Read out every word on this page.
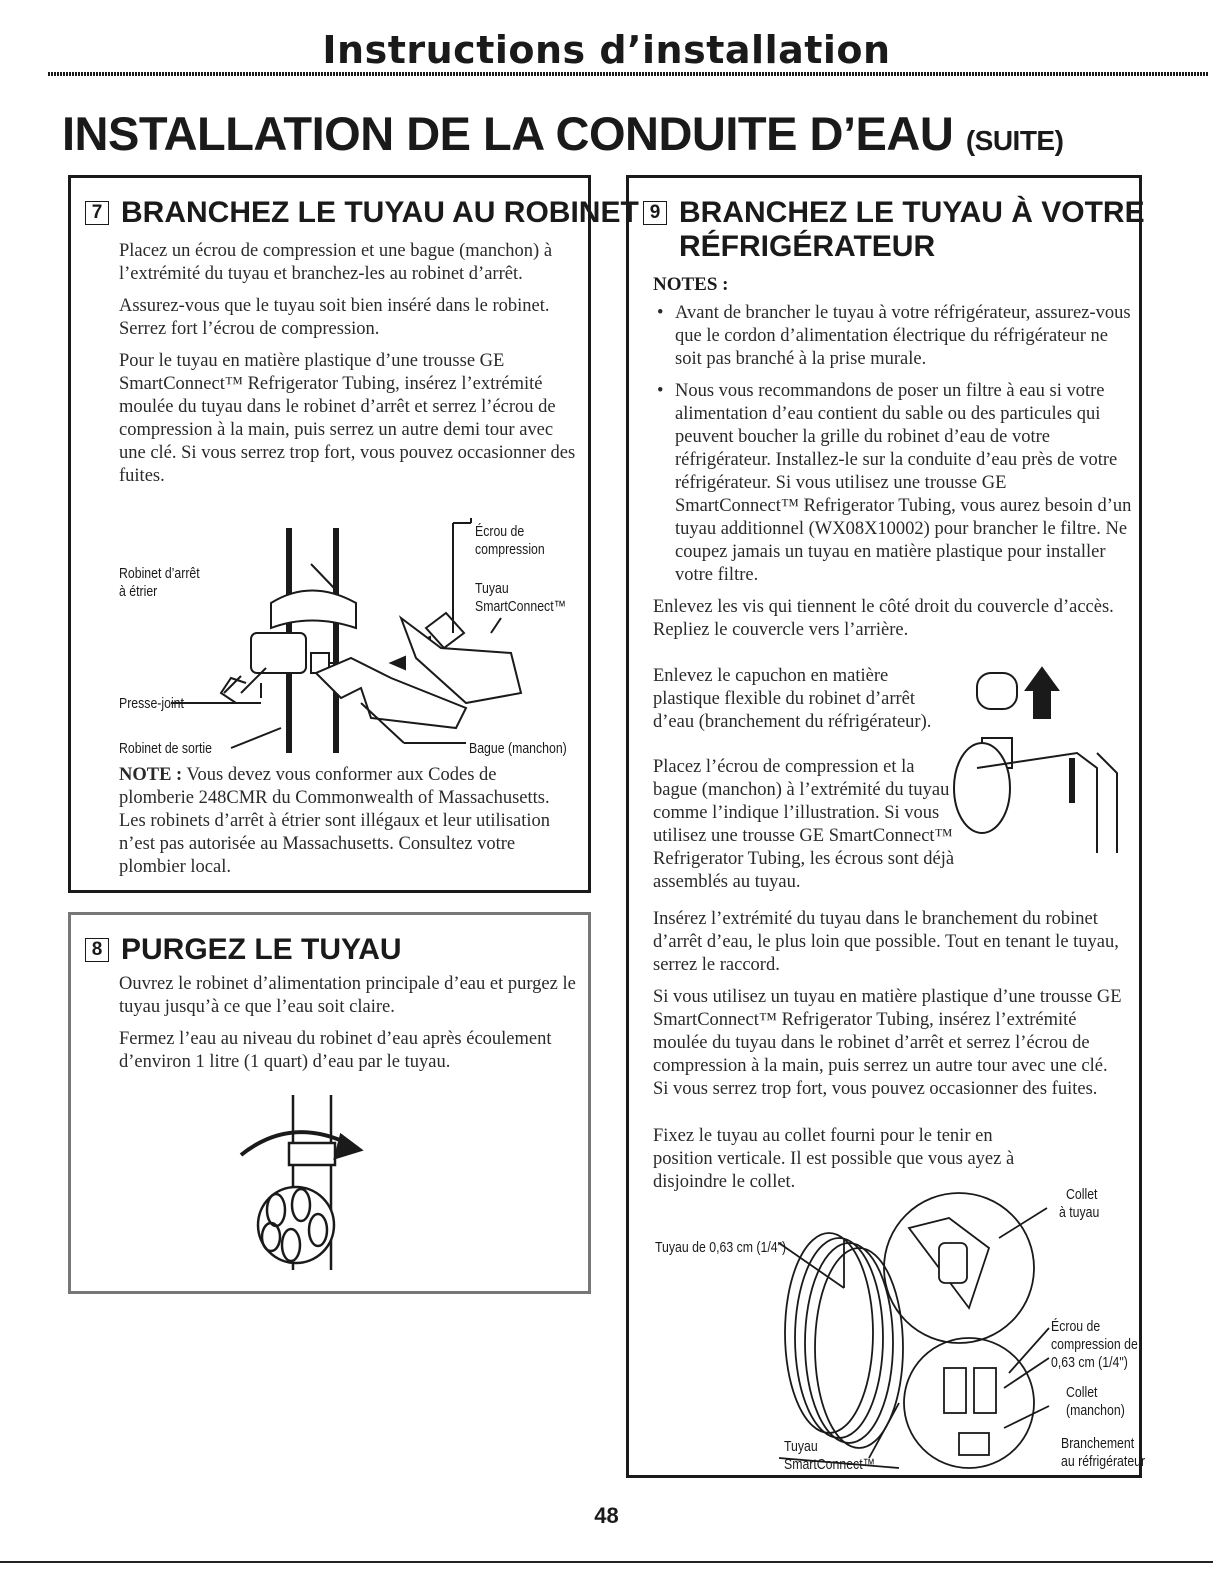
Instructions d’installation
INSTALLATION DE LA CONDUITE D’EAU (SUITE)
7 BRANCHEZ LE TUYAU AU ROBINET

Placez un écrou de compression et une bague (manchon) à l’extrémité du tuyau et branchez-les au robinet d’arrêt.

Assurez-vous que le tuyau soit bien inséré dans le robinet. Serrez fort l’écrou de compression.

Pour le tuyau en matière plastique d’une trousse GE SmartConnect™ Refrigerator Tubing, insérez l’extrémité moulée du tuyau dans le robinet d’arrêt et serrez l’écrou de compression à la main, puis serrez un autre demi tour avec une clé. Si vous serrez trop fort, vous pouvez occasionner des fuites.

Écrou de
compression
Robinet d’arrêt
à étrier	Tuyau
SmartConnect™
Presse-joint
Robinet de sortie	Bague (manchon)
NOTE : Vous devez vous conformer aux Codes de plomberie 248CMR du Commonwealth of Massachusetts. Les robinets d’arrêt à étrier sont illégaux et leur utilisation n’est pas autorisée au Massachusetts. Consultez votre plombier local.
8 PURGEZ LE TUYAU

Ouvrez le robinet d’alimentation principale d’eau et purgez le tuyau jusqu’à ce que l’eau soit claire.

Fermez l’eau au niveau du robinet d’eau après écoulement d’environ 1 litre (1 quart) d’eau par le tuyau.

9 BRANCHEZ LE TUYAU À VOTRE
RÉFRIGÉRATEUR
NOTES :
• Avant de brancher le tuyau à votre réfrigérateur, assurez-vous que le cordon d’alimentation électrique du réfrigérateur ne soit pas branché à la prise murale.
• Nous vous recommandons de poser un filtre à eau si votre alimentation d’eau contient du sable ou des particules qui peuvent boucher la grille du robinet d’eau de votre réfrigérateur. Installez-le sur la conduite d’eau près de votre réfrigérateur. Si vous utilisez une trousse GE SmartConnect™ Refrigerator Tubing, vous aurez besoin d’un tuyau additionnel (WX08X10002) pour brancher le filtre. Ne coupez jamais un tuyau en matière plastique pour installer votre filtre.

Enlevez les vis qui tiennent le côté droit du couvercle d’accès. Repliez le couvercle vers l’arrière.

Enlevez le capuchon en matière plastique flexible du robinet d’arrêt d’eau (branchement du réfrigérateur).
Placez l’écrou de compression et la bague (manchon) à l’extrémité du tuyau comme l’indique l’illustration. Si vous utilisez une trousse GE SmartConnect™ Refrigerator Tubing, les écrous sont déjà assemblés au tuyau.

Insérez l’extrémité du tuyau dans le branchement du robinet d’arrêt d’eau, le plus loin que possible. Tout en tenant le tuyau, serrez le raccord.

Si vous utilisez un tuyau en matière plastique d’une trousse GE SmartConnect™ Refrigerator Tubing, insérez l’extrémité moulée du tuyau dans le robinet d’arrêt et serrez l’écrou de compression à la main, puis serrez un autre tour avec une clé. Si vous serrez trop fort, vous pouvez occasionner des fuites.

Fixez le tuyau au collet fourni pour le tenir en position verticale. Il est possible que vous ayez à disjoindre le collet.
Collet
à tuyau
Tuyau de 0,63 cm (1/4")
Écrou de
compression de
0,63 cm (1/4")
Collet
(manchon)
Branchement
au réfrigérateur
Tuyau
SmartConnect™
48
